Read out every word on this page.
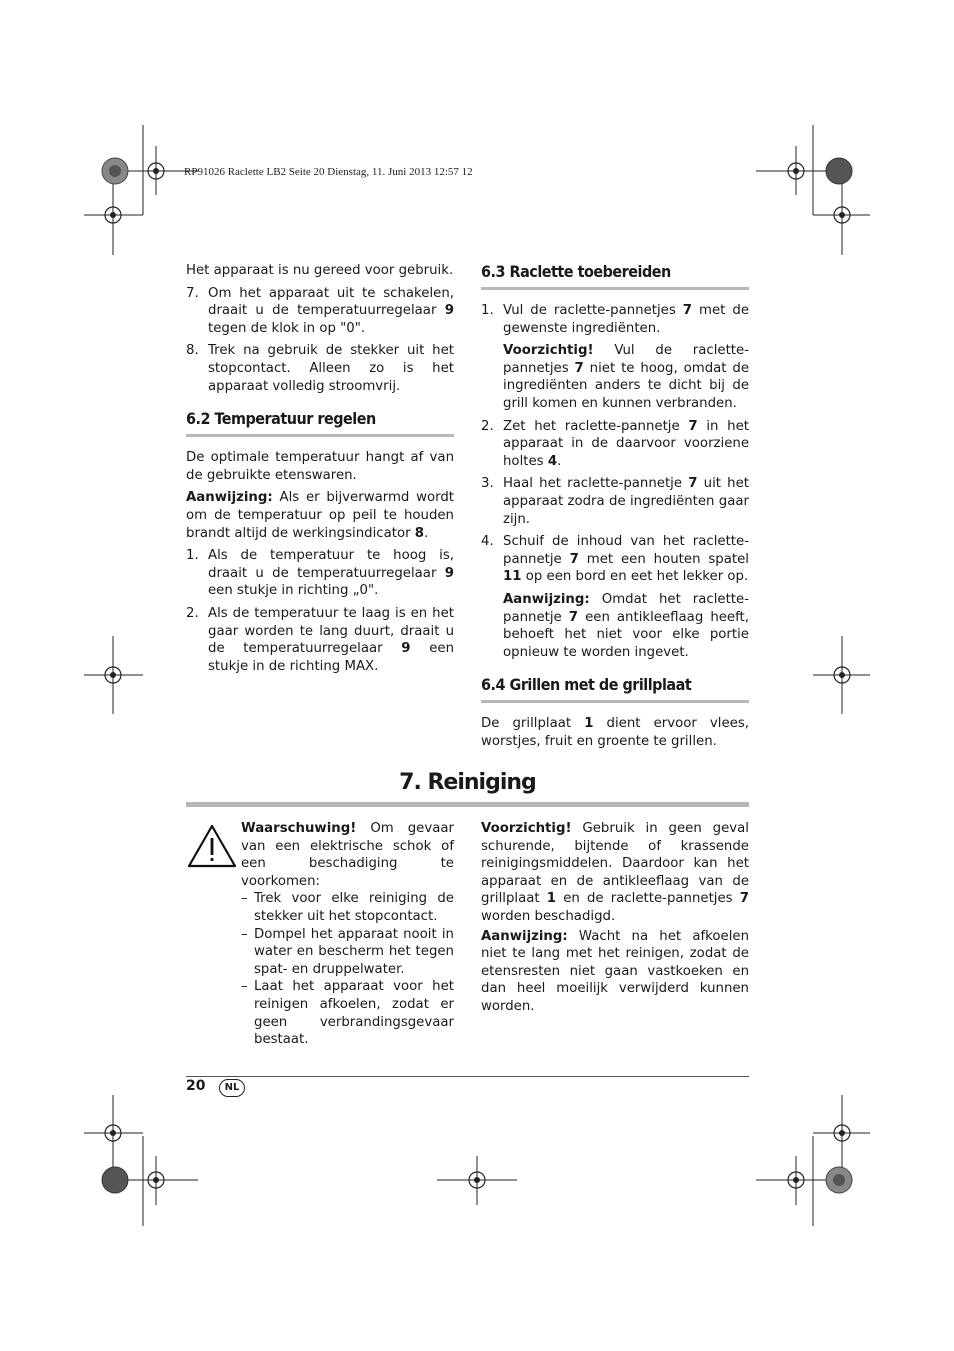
RP91026 Raclette LB2 Seite 20 Dienstag, 11. Juni 2013 12:57 12

Het apparaat is nu gereed voor gebruik.

7. Om het apparaat uit te schakelen, draait u de temperatuurregelaar 9 tegen de klok in op "0".
8. Trek na gebruik de stekker uit het stopcontact. Alleen zo is het apparaat volledig stroomvrij.
6.2 Temperatuur regelen

De optimale temperatuur hangt af van de gebruikte etenswaren.

Aanwijzing: Als er bijverwarmd wordt om de temperatuur op peil te houden brandt altijd de werkingsindicator 8.

1. Als de temperatuur te hoog is, draait u de temperatuurregelaar 9 een stukje in richting „0".
2. Als de temperatuur te laag is en het gaar worden te lang duurt, draait u de temperatuurregelaar 9 een stukje in de richting MAX.
6.3 Raclette toebereiden
1. Vul de raclette-pannetjes 7 met de gewenste ingrediënten.
Voorzichtig! Vul de raclette-pannetjes 7 niet te hoog, omdat de ingrediënten anders te dicht bij de grill komen en kunnen verbranden.
2. Zet het raclette-pannetje 7 in het apparaat in de daarvoor voorziene holtes 4.
3. Haal het raclette-pannetje 7 uit het apparaat zodra de ingrediënten gaar zijn.
4. Schuif de inhoud van het raclette-pannetje 7 met een houten spatel 11 op een bord en eet het lekker op.
Aanwijzing: Omdat het raclette-pannetje 7 een antikleeflaag heeft, behoeft het niet voor elke portie opnieuw te worden ingevet.
6.4 Grillen met de grillplaat

De grillplaat 1 dient ervoor vlees, worstjes, fruit en groente te grillen.

7. Reiniging

Waarschuwing! Om gevaar van een elektrische schok of een beschadiging te voorkomen:

– Trek voor elke reiniging de stekker uit het stopcontact.
– Dompel het apparaat nooit in water en bescherm het tegen spat- en druppelwater.
– Laat het apparaat voor het reinigen afkoelen, zodat er geen verbrandingsgevaar bestaat.

Voorzichtig! Gebruik in geen geval schurende, bijtende of krassende reinigingsmiddelen. Daardoor kan het apparaat en de antikleeflaag van de grillplaat 1 en de raclette-pannetjes 7 worden beschadigd.

Aanwijzing: Wacht na het afkoelen niet te lang met het reinigen, zodat de etensresten niet gaan vastkoeken en dan heel moeilijk verwijderd kunnen worden.

20	NL
